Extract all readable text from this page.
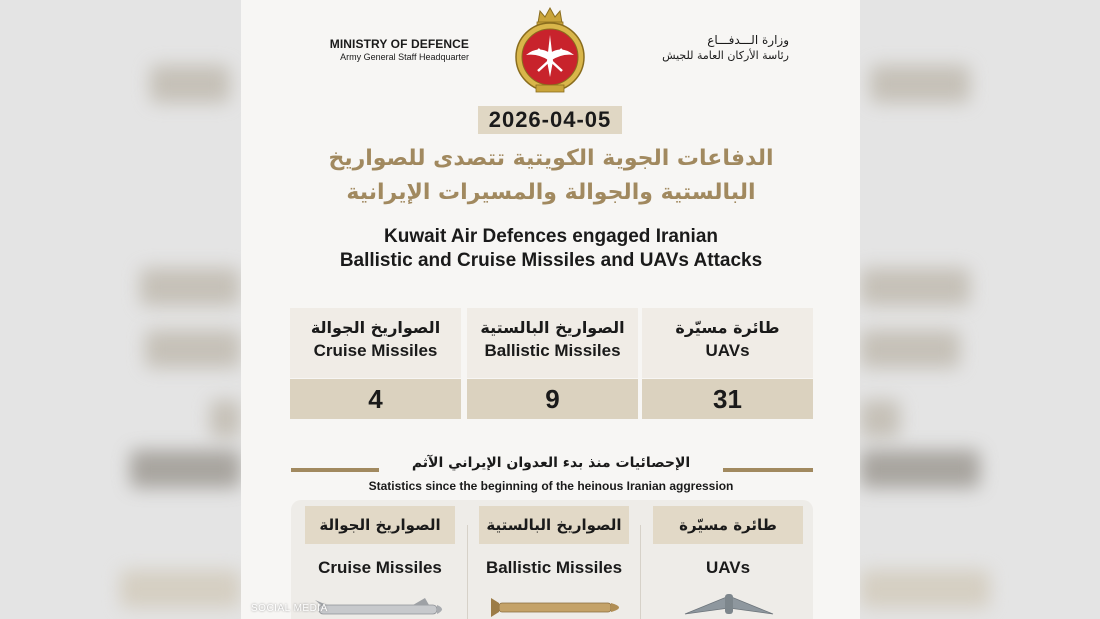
MINISTRY OF DEFENCE
Army General Staff Headquarter
وزارة الـــدفـــاع
رئاسة الأركان العامة للجيش
2026-04-05
الدفاعات الجوية الكويتية تتصدى للصواريخ
البالستية والجوالة والمسيرات الإيرانية
Kuwait Air Defences engaged Iranian
Ballistic and Cruise Missiles and UAVs Attacks
الصواريخ الجوالة
Cruise Missiles
4
الصواريخ البالستية
Ballistic Missiles
9
طائرة مسيّرة
UAVs
31
الإحصائيات منذ بدء العدوان الإيراني الآثم
Statistics since the beginning of the heinous Iranian aggression
الصواريخ الجوالة
Cruise Missiles
الصواريخ البالستية
Ballistic Missiles
طائرة مسيّرة
UAVs
SOCIAL MEDIA
